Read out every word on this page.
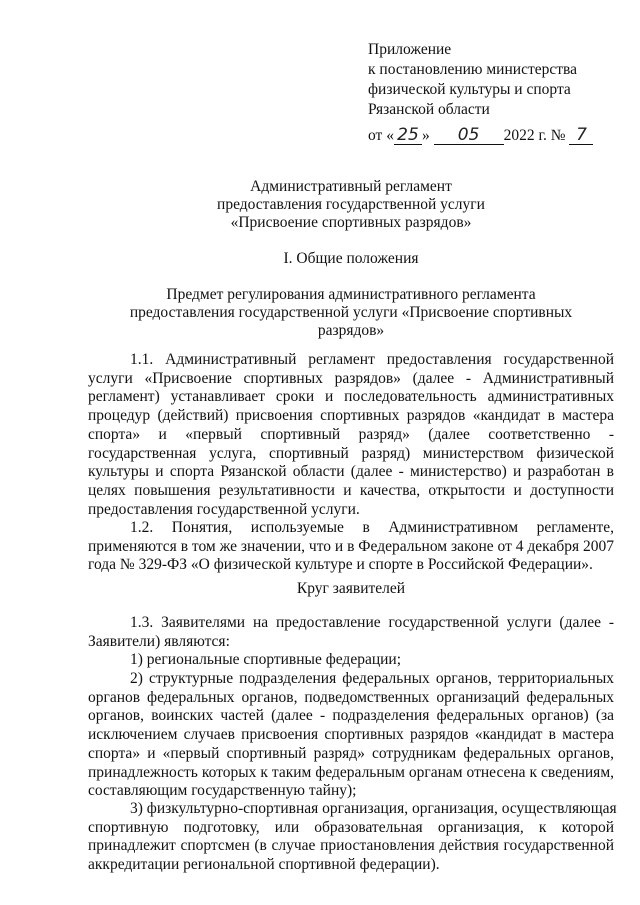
Приложение
к постановлению министерства
физической культуры и спорта
Рязанской области
от « 25 » 05 2022 г. № 7
Административный регламент
предоставления государственной услуги
«Присвоение спортивных разрядов»
I. Общие положения
Предмет регулирования административного регламента
предоставления государственной услуги «Присвоение спортивных
разрядов»
1.1. Административный регламент предоставления государственной
услуги «Присвоение спортивных разрядов» (далее - Административный
регламент) устанавливает сроки и последовательность административных
процедур (действий) присвоения спортивных разрядов «кандидат в мастера
спорта» и «первый спортивный разряд» (далее соответственно -
государственная услуга, спортивный разряд) министерством физической
культуры и спорта Рязанской области (далее - министерство) и разработан в
целях повышения результативности и качества, открытости и доступности
предоставления государственной услуги.
1.2. Понятия, используемые в Административном регламенте,
применяются в том же значении, что и в Федеральном законе от 4 декабря 2007
года № 329-ФЗ «О физической культуре и спорте в Российской Федерации».
Круг заявителей
1.3. Заявителями на предоставление государственной услуги (далее -
Заявители) являются:
1) региональные спортивные федерации;
2) структурные подразделения федеральных органов, территориальных
органов федеральных органов, подведомственных организаций федеральных
органов, воинских частей (далее - подразделения федеральных органов) (за
исключением случаев присвоения спортивных разрядов «кандидат в мастера
спорта» и «первый спортивный разряд» сотрудникам федеральных органов,
принадлежность которых к таким федеральным органам отнесена к сведениям,
составляющим государственную тайну);
3) физкультурно-спортивная организация, организация, осуществляющая
спортивную подготовку, или образовательная организация, к которой
принадлежит спортсмен (в случае приостановления действия государственной
аккредитации региональной спортивной федерации).
